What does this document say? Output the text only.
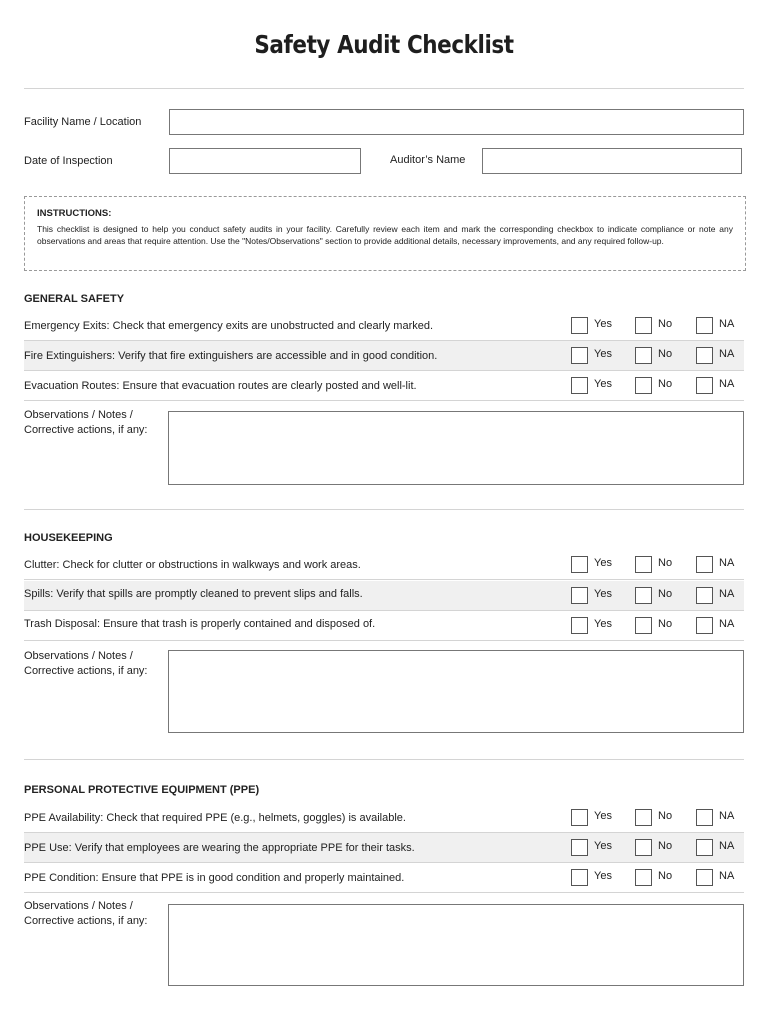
Safety Audit Checklist
Facility Name / Location
Date of Inspection	Auditor’s Name
INSTRUCTIONS:
This checklist is designed to help you conduct safety audits in your facility. Carefully review each item and mark the corresponding checkbox to indicate compliance or note any observations and areas that require attention. Use the "Notes/Observations" section to provide additional details, necessary improvements, and any required follow-up.
GENERAL SAFETY
Emergency Exits: Check that emergency exits are unobstructed and clearly marked.	Yes	No	NA
Fire Extinguishers: Verify that fire extinguishers are accessible and in good condition.	Yes	No	NA
Evacuation Routes: Ensure that evacuation routes are clearly posted and well-lit.	Yes	No	NA
Observations / Notes /
Corrective actions, if any:
HOUSEKEEPING
Clutter: Check for clutter or obstructions in walkways and work areas.	Yes	No	NA
Spills: Verify that spills are promptly cleaned to prevent slips and falls.	Yes	No	NA
Trash Disposal: Ensure that trash is properly contained and disposed of.	Yes	No	NA
Observations / Notes /
Corrective actions, if any:
PERSONAL PROTECTIVE EQUIPMENT (PPE)
PPE Availability: Check that required PPE (e.g., helmets, goggles) is available.	Yes	No	NA
PPE Use: Verify that employees are wearing the appropriate PPE for their tasks.	Yes	No	NA
PPE Condition: Ensure that PPE is in good condition and properly maintained.	Yes	No	NA
Observations / Notes /
Corrective actions, if any:
